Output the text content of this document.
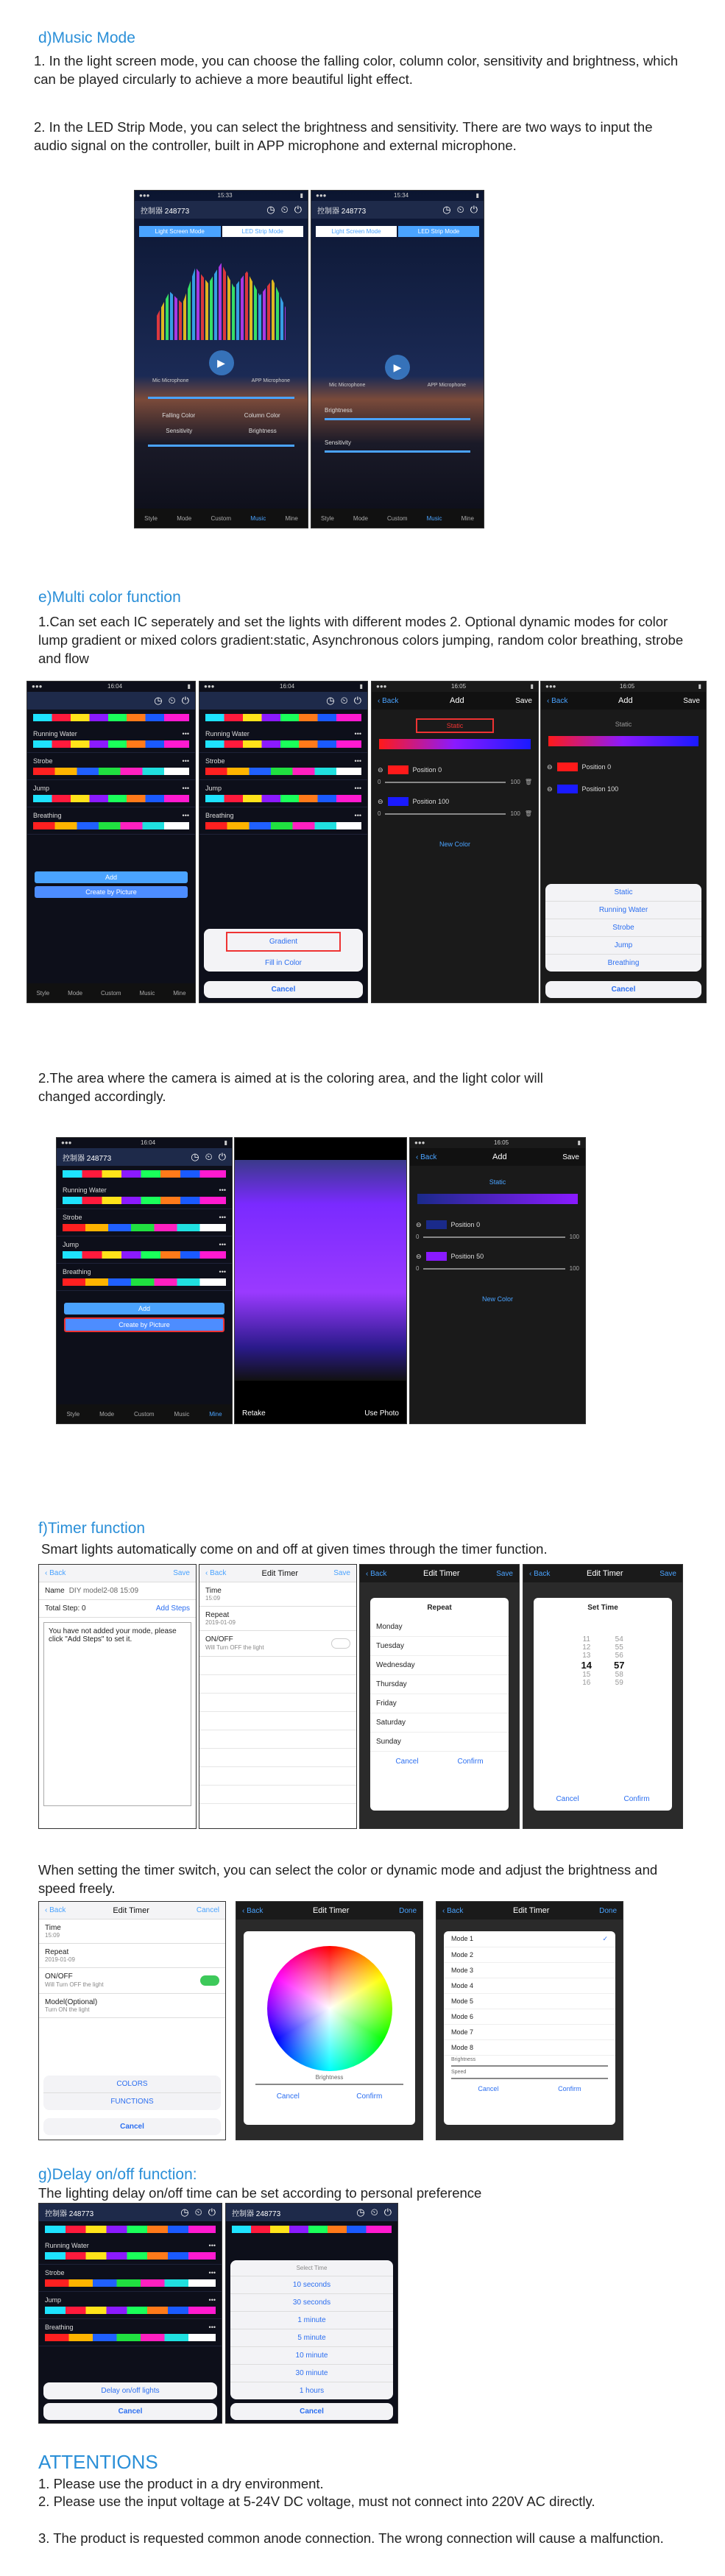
d)Music Mode
1. In the light screen mode, you can choose the falling color, column color, sensitivity and brightness, which can be played circularly to achieve a more beautiful light effect.
2. In the LED Strip Mode, you can select the brightness and sensitivity. There are two ways to input the audio signal on the controller, built in APP microphone and external microphone.
●●●	15:33	▮
控制器 248773	◷ ⏲ ⏻
Light Screen Mode	LED Strip Mode
▶
Mic Microphone	APP Microphone
Falling Color	Column Color
Sensitivity	Brightness
Style	Mode	Custom	Music	Mine
●●●	15:34	▮
控制器 248773	◷ ⏲ ⏻
Light Screen Mode	LED Strip Mode
▶
Mic Microphone	APP Microphone
Brightness
Sensitivity
Style	Mode	Custom	Music	Mine
e)Multi color function
1.Can set each IC seperately and set the lights with different modes 2. Optional dynamic modes for color lump gradient or mixed colors gradient:static, Asynchronous colors jumping, random color breathing, strobe and flow
●●●	16:04	▮
◷ ⏲ ⏻
Running Water	•••
Strobe	•••
Jump	•••
Breathing	•••
Add
Create by Picture
Style	Mode	Custom	Music	Mine
●●●	16:04	▮
◷ ⏲ ⏻
Running Water	•••
Strobe	•••
Jump	•••
Breathing	•••
Gradient
Fill in Color
Cancel
●●●	16:05	▮
‹ Back	Add	Save
Static
⊖	Position 0
0	100 🗑
⊖	Position 100
0	100 🗑
New Color
●●●	16:05	▮
‹ Back	Add	Save
Static
⊖	Position 0
⊖	Position 100
Static
Running Water
Strobe
Jump
Breathing
Cancel
2.The area where the camera is aimed at is the coloring area, and the light color will changed accordingly.
●●●	16:04	▮
控制器 248773	◷ ⏲ ⏻
Running Water	•••
Strobe	•••
Jump	•••
Breathing	•••
Add
Create by Picture
Style	Mode	Custom	Music	Mine	Retake	Use Photo
●●●	16:05	▮
‹ Back	Add	Save
Static
⊖	Position 0
0	100
⊖	Position 50
0	100
New Color
f)Timer function
Smart lights automatically come on and off at given times through the timer function.
‹ Back	Save
Name DIY model2-08 15:09
Total Step: 0	Add Steps
You have not added your mode, please click "Add Steps" to set it.
‹ Back	Edit Timer	Save
Time
15:09
Repeat
2019-01-09
ON/OFF
Will Turn OFF the light
‹ Back	Edit Timer	Save
Repeat
Monday
Tuesday
Wednesday
Thursday
Friday
Saturday
Sunday
Cancel	Confirm
‹ Back	Edit Timer	Save
Set Time
11
12
13
14
15
16
54
55
56
57
58
59
Cancel	Confirm
When setting the timer switch, you can select the color or dynamic mode and adjust the brightness and speed freely.
‹ Back	Edit Timer	Cancel
Time
15:09
Repeat
2019-01-09
ON/OFF
Will Turn OFF the light
Model(Optional)
Turn ON the light
COLORS
FUNCTIONS
Cancel
‹ Back	Edit Timer	Done
Brightness
Cancel	Confirm
‹ Back	Edit Timer	Done
Mode 1	✓
Mode 2
Mode 3
Mode 4
Mode 5
Mode 6
Mode 7
Mode 8
Brightness
Speed
Cancel	Confirm
g)Delay on/off function:
The lighting delay on/off time can be set according to personal preference
控制器 248773	◷ ⏲ ⏻
Running Water	•••
Strobe	•••
Jump	•••
Breathing	•••
Delay on/off lights
Cancel
控制器 248773	◷ ⏲ ⏻
Select Time
10 seconds
30 seconds
1 minute
5 minute
10 minute
30 minute
1 hours
Cancel
ATTENTIONS
1. Please use the product in a dry environment.
2. Please use the input voltage at 5-24V DC voltage, must not connect into 220V AC directly.
3. The product is requested common anode connection. The wrong connection will cause a malfunction.
